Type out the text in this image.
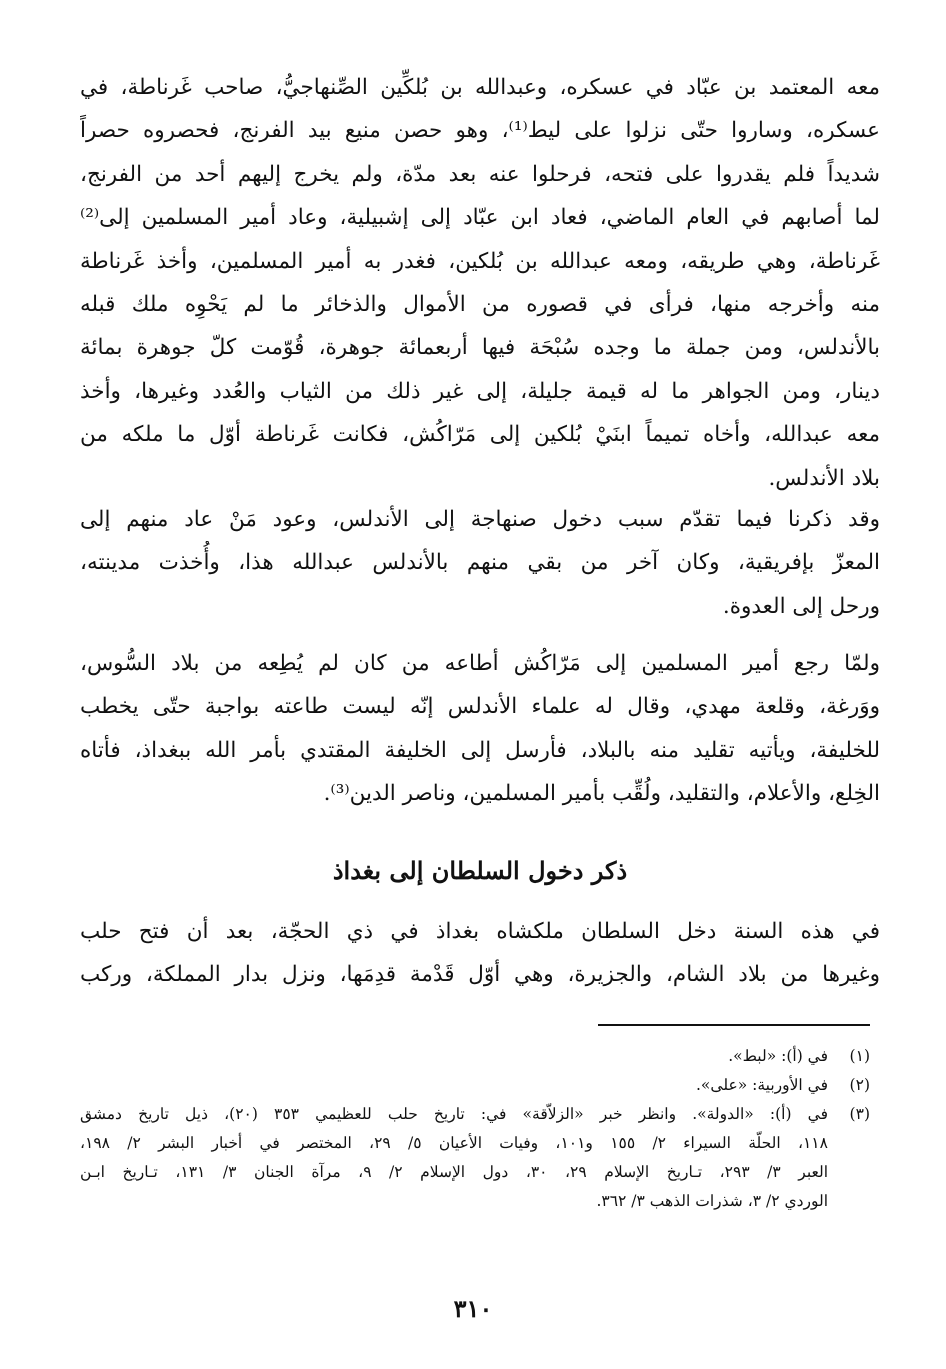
معه المعتمد بن عبّاد في عسكره، وعبدالله بن بُلكِّين الصِّنهاجيُّ، صاحب غَرناطة، في
عسكره، وساروا حتّى نزلوا على ليط⁽¹⁾، وهو حصن منيع بيد الفرنج، فحصروه حصراً
شديداً فلم يقدروا على فتحه، فرحلوا عنه بعد مدّة، ولم يخرج إليهم أحد من الفرنج،
لما أصابهم في العام الماضي، فعاد ابن عبّاد إلى إشبيلية، وعاد أمير المسلمين إلى⁽²⁾
غَرناطة، وهي طريقه، ومعه عبدالله بن بُلكين، فغدر به أمير المسلمين، وأخذ غَرناطة
منه وأخرجه منها، فرأى في قصوره من الأموال والذخائر ما لم يَحْوِه ملك قبله
بالأندلس، ومن جملة ما وجده سُبْحَة فيها أربعمائة جوهرة، قُوّمت كلّ جوهرة بمائة
دينار، ومن الجواهر ما له قيمة جليلة، إلى غير ذلك من الثياب والعُدد وغيرها، وأخذ
معه عبدالله، وأخاه تميماً ابنَيْ بُلكين إلى مَرّاكُش، فكانت غَرناطة أوّل ما ملكه من
بلاد الأندلس.
وقد ذكرنا فيما تقدّم سبب دخول صنهاجة إلى الأندلس، وعود مَنْ عاد منهم إلى
المعزّ بإفريقية، وكان آخر من بقي منهم بالأندلس عبدالله هذا، وأُخذت مدينته،
ورحل إلى العدوة.
ولمّا رجع أمير المسلمين إلى مَرّاكُش أطاعه من كان لم يُطِعه من بلاد السُّوس،
ووَرغة، وقلعة مهدي، وقال له علماء الأندلس إنّه ليست طاعته بواجبة حتّى يخطب
للخليفة، ويأتيه تقليد منه بالبلاد، فأرسل إلى الخليفة المقتدي بأمر الله ببغداذ، فأتاه
الخِلع، والأعلام، والتقليد، ولُقِّب بأمير المسلمين، وناصر الدين⁽³⁾.
ذكر دخول السلطان إلى بغداذ
في هذه السنة دخل السلطان ملكشاه بغداذ في ذي الحجّة، بعد أن فتح حلب
وغيرها من بلاد الشام، والجزيرة، وهي أوّل قَدْمة قدِمَها، ونزل بدار المملكة، وركب
(١)
في (أ): «لبط».
(٢)
في الأوربية: «على».
(٣)
في (أ): «الدولة». وانظر خبر «الزلاّقة» في: تاريخ حلب للعظيمي ٣٥٣ (٢٠)، ذيل تاريخ دمشق
١١٨، الحلّة السيراء ٢/ ١٥٥ و١٠١، وفيات الأعيان ٥/ ٢٩، المختصر في أخبار البشر ٢/ ١٩٨،
العبر ٣/ ٢٩٣، تـاريخ الإسلام ٢٩، ٣٠، دول الإسلام ٢/ ٩، مرآة الجنان ٣/ ١٣١، تـاريخ ابـن
الوردي ٢/ ٣، شذرات الذهب ٣/ ٣٦٢.
٣١٠
